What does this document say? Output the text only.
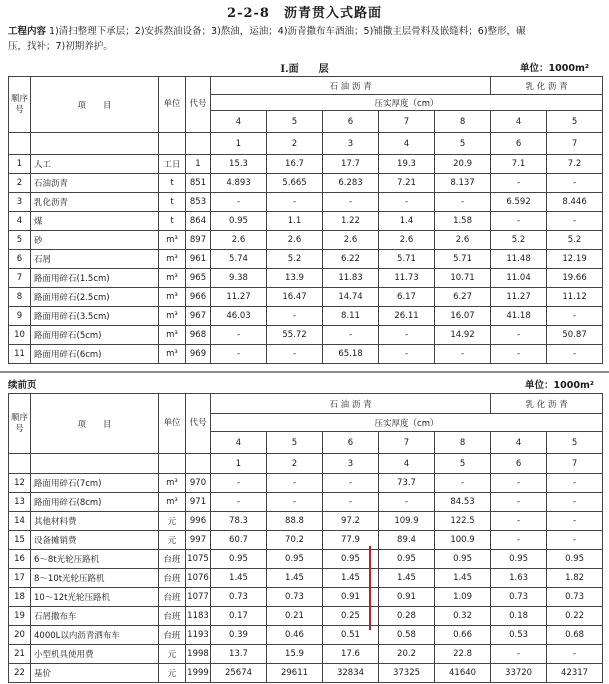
2-2-8　沥青贯入式路面
工程内容 1)清扫整理下承层；2)安拆熬油设备；3)熬油，运油；4)沥青撒布车酒油；5)铺撒主层骨料及嵌缝料；6)整形，碾
压，找补；7)初期养护。
I.面　　层	单位：1000m²
顺序号	项　　目	单位	代号	石 油 沥 青					乳 化 沥 青	
				压实厚度（cm）						
				4	5	6	7	8	4	5
				1	2	3	4	5	6	7
1	人工	工日	1	15.3	16.7	17.7	19.3	20.9	7.1	7.2
2	石油沥青	t	851	4.893	5.665	6.283	7.21	8.137	-	-
3	乳化沥青	t	853	-	-	-	-	-	6.592	8.446
4	煤	t	864	0.95	1.1	1.22	1.4	1.58	-	-
5	砂	m³	897	2.6	2.6	2.6	2.6	2.6	5.2	5.2
6	石屑	m³	961	5.74	5.2	6.22	5.71	5.71	11.48	12.19
7	路面用碎石(1.5cm)	m³	965	9.38	13.9	11.83	11.73	10.71	11.04	19.66
8	路面用碎石(2.5cm)	m³	966	11.27	16.47	14.74	6.17	6.27	11.27	11.12
9	路面用碎石(3.5cm)	m³	967	46.03	-	8.11	26.11	16.07	41.18	-
10	路面用碎石(5cm)	m³	968	-	55.72	-	-	14.92	-	50.87
11	路面用碎石(6cm)	m³	969	-	-	65.18	-	-	-	-
续前页	单位：1000m²
顺序号	项　　目	单位	代号	石 油 沥 青					乳 化 沥 青	
				压实厚度（cm）						
				4	5	6	7	8	4	5
				1	2	3	4	5	6	7
12	路面用碎石(7cm)	m³	970	-	-	-	73.7	-	-	-
13	路面用碎石(8cm)	m³	971	-	-	-	-	84.53	-	-
14	其他材料费	元	996	78.3	88.8	97.2	109.9	122.5	-	-
15	设备摊销费	元	997	60.7	70.2	77.9	89.4	100.9	-	-
16	6～8t光轮压路机	台班	1075	0.95	0.95	0.95	0.95	0.95	0.95	0.95
17	8～10t光轮压路机	台班	1076	1.45	1.45	1.45	1.45	1.45	1.63	1.82
18	10～12t光轮压路机	台班	1077	0.73	0.73	0.91	0.91	1.09	0.73	0.73
19	石屑撒布车	台班	1183	0.17	0.21	0.25	0.28	0.32	0.18	0.22
20	4000L以内沥青洒布车	台班	1193	0.39	0.46	0.51	0.58	0.66	0.53	0.68
21	小型机具使用费	元	1998	13.7	15.9	17.6	20.2	22.8	-	-
22	基价	元	1999	25674	29611	32834	37325	41640	33720	42317
